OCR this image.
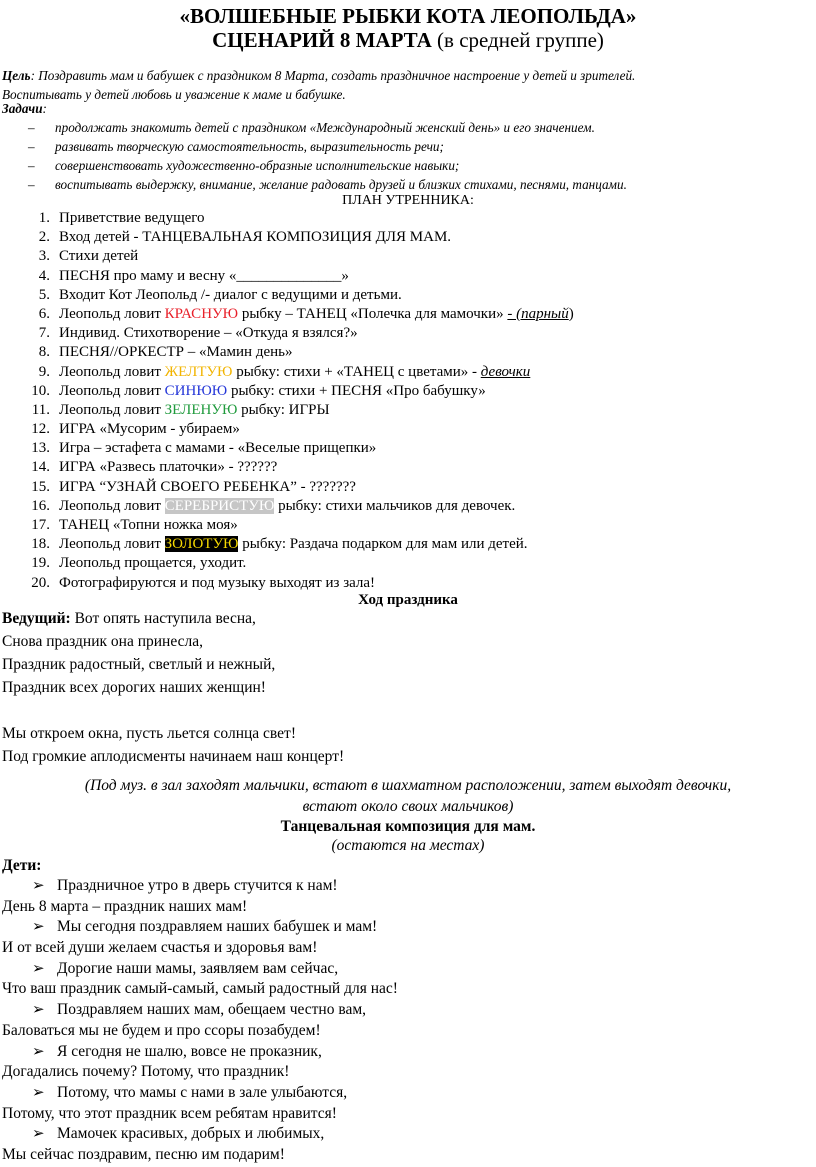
«ВОЛШЕБНЫЕ РЫБКИ КОТА ЛЕОПОЛЬДА»
СЦЕНАРИЙ 8 МАРТА (в средней группе)
Цель: Поздравить мам и бабушек с праздником 8 Марта, создать праздничное настроение у детей и зрителей.
Воспитывать у детей любовь и уважение к маме и бабушке.
Задачи:
– продолжать знакомить детей с праздником «Международный женский день» и его значением.
– развивать творческую самостоятельность, выразительность речи;
– совершенствовать художественно-образные исполнительские навыки;
– воспитывать выдержку, внимание, желание радовать друзей и близких стихами, песнями, танцами.
ПЛАН УТРЕННИКА:
1. Приветствие ведущего
2. Вход детей - ТАНЦЕВАЛЬНАЯ КОМПОЗИЦИЯ ДЛЯ МАМ.
3. Стихи детей
4. ПЕСНЯ про маму и весну «______________»
5. Входит Кот Леопольд /- диалог с ведущими и детьми.
6. Леопольд ловит КРАСНУЮ рыбку – ТАНЕЦ «Полечка для мамочки» - (парный)
7. Индивид. Стихотворение – «Откуда я взялся?»
8. ПЕСНЯ//ОРКЕСТР – «Мамин день»
9. Леопольд ловит ЖЕЛТУЮ рыбку: стихи + «ТАНЕЦ с цветами» - девочки
10. Леопольд ловит СИНЮЮ рыбку: стихи + ПЕСНЯ «Про бабушку»
11. Леопольд ловит ЗЕЛЕНУЮ рыбку: ИГРЫ
12. ИГРА «Мусорим - убираем»
13. Игра – эстафета с мамами - «Веселые прищепки»
14. ИГРА «Развесь платочки» - ??????
15. ИГРА “УЗНАЙ СВОЕГО РЕБЕНКА” - ???????
16. Леопольд ловит СЕРЕБРИСТУЮ рыбку: стихи мальчиков для девочек.
17. ТАНЕЦ «Топни ножка моя»
18. Леопольд ловит ЗОЛОТУЮ рыбку: Раздача подарком для мам или детей.
19. Леопольд прощается, уходит.
20. Фотографируются и под музыку выходят из зала!
Ход праздника
Ведущий: Вот опять наступила весна,
Снова праздник она принесла,
Праздник радостный, светлый и нежный,
Праздник всех дорогих наших женщин!

Мы откроем окна, пусть льется солнца свет!
Под громкие аплодисменты начинаем наш концерт!
(Под муз. в зал заходят мальчики, встают в шахматном расположении, затем выходят девочки,
встают около своих мальчиков)
Танцевальная композиция для мам.
(остаются на местах)
Дети:
➢ Праздничное утро в дверь стучится к нам!
День 8 марта – праздник наших мам!
➢ Мы сегодня поздравляем наших бабушек и мам!
И от всей души желаем счастья и здоровья вам!
➢ Дорогие наши мамы, заявляем вам сейчас,
Что ваш праздник самый-самый, самый радостный для нас!
➢ Поздравляем наших мам, обещаем честно вам,
Баловаться мы не будем и про ссоры позабудем!
➢ Я сегодня не шалю, вовсе не проказник,
Догадались почему? Потому, что праздник!
➢ Потому, что мамы с нами в зале улыбаются,
Потому, что этот праздник всем ребятам нравится!
➢ Мамочек красивых, добрых и любимых,
Мы сейчас поздравим, песню им подарим!
